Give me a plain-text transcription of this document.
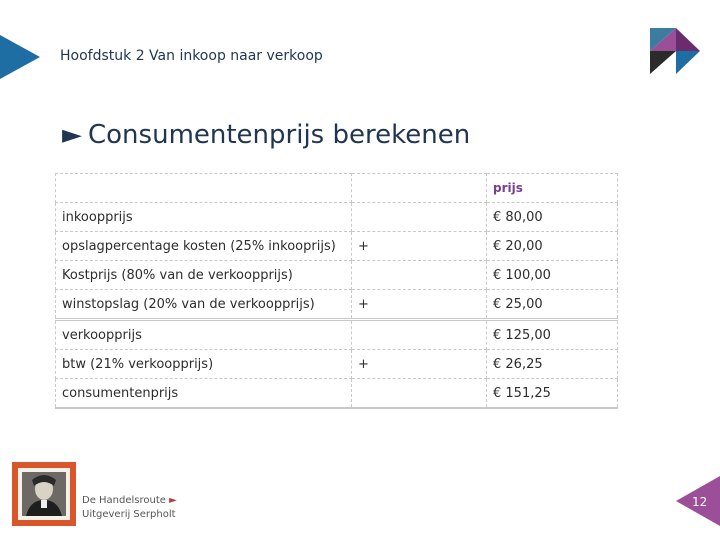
Hoofdstuk 2 Van inkoop naar verkoop
► Consumentenprijs berekenen
		prijs
inkoopprijs		€ 80,00
opslagpercentage kosten (25% inkooprijs)	+	€ 20,00
Kostprijs (80% van de verkoopprijs)		€ 100,00
winstopslag (20% van de verkoopprijs)	+	€ 25,00
verkoopprijs		€ 125,00
btw (21% verkoopprijs)	+	€ 26,25
consumentenprijs		€ 151,25
De Handelsroute ►
Uitgeverij Serpholt
12
